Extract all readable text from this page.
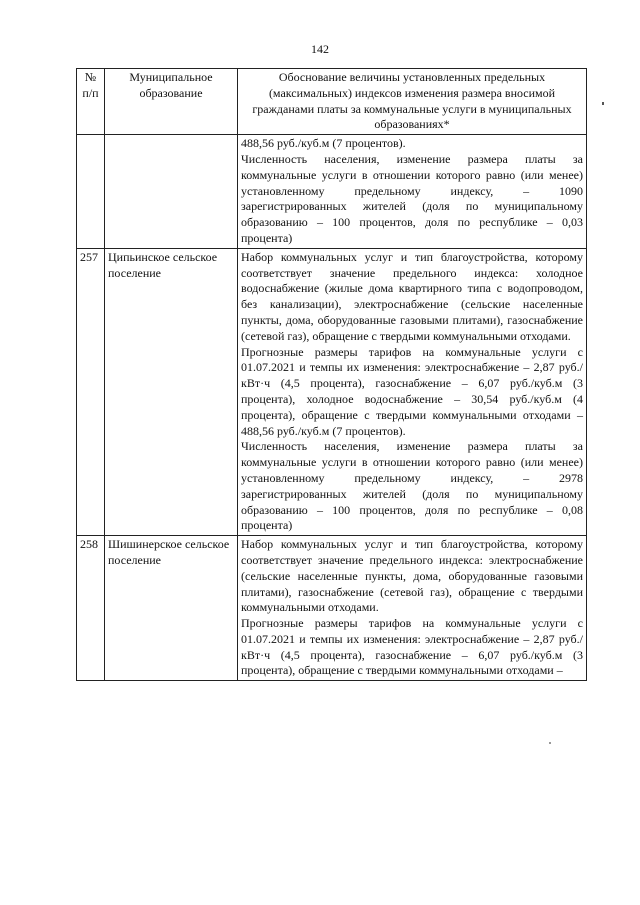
142
№ п/п	Муниципальное образование	Обоснование величины установленных предельных (максимальных) индексов изменения размера вносимой гражданами платы за коммунальные услуги в муниципальных образованиях*

		488,56 руб./куб.м (7 процентов).

Численность населения, изменение размера платы за коммунальные услуги в отношении которого равно (или менее) установленному предельному индексу, – 1090 зарегистрированных жителей (доля по муниципальному образованию – 100 процентов, доля по республике – 0,03 процента)

257	Ципьинское сельское поселение	Набор коммунальных услуг и тип благоустройства, которому соответствует значение предельного индекса: холодное водоснабжение (жилые дома квартирного типа с водопроводом, без канализации), электроснабжение (сельские населенные пункты, дома, оборудованные газовыми плитами), газоснабжение (сетевой газ), обращение с твердыми коммунальными отходами.

Прогнозные размеры тарифов на коммунальные услуги с 01.07.2021 и темпы их изменения: электроснабжение – 2,87 руб./кВт·ч (4,5 процента), газоснабжение – 6,07 руб./куб.м (3 процента), холодное водоснабжение – 30,54 руб./куб.м (4 процента), обращение с твердыми коммунальными отходами – 488,56 руб./куб.м (7 процентов).

Численность населения, изменение размера платы за коммунальные услуги в отношении которого равно (или менее) установленному предельному индексу, – 2978 зарегистрированных жителей (доля по муниципальному образованию – 100 процентов, доля по республике – 0,08 процента)

258	Шишинерское сельское поселение	Набор коммунальных услуг и тип благоустройства, которому соответствует значение предельного индекса: электроснабжение (сельские населенные пункты, дома, оборудованные газовыми плитами), газоснабжение (сетевой газ), обращение с твердыми коммунальными отходами.

Прогнозные размеры тарифов на коммунальные услуги с 01.07.2021 и темпы их изменения: электроснабжение – 2,87 руб./кВт·ч (4,5 процента), газоснабжение – 6,07 руб./куб.м (3 процента), обращение с твердыми коммунальными отходами –
